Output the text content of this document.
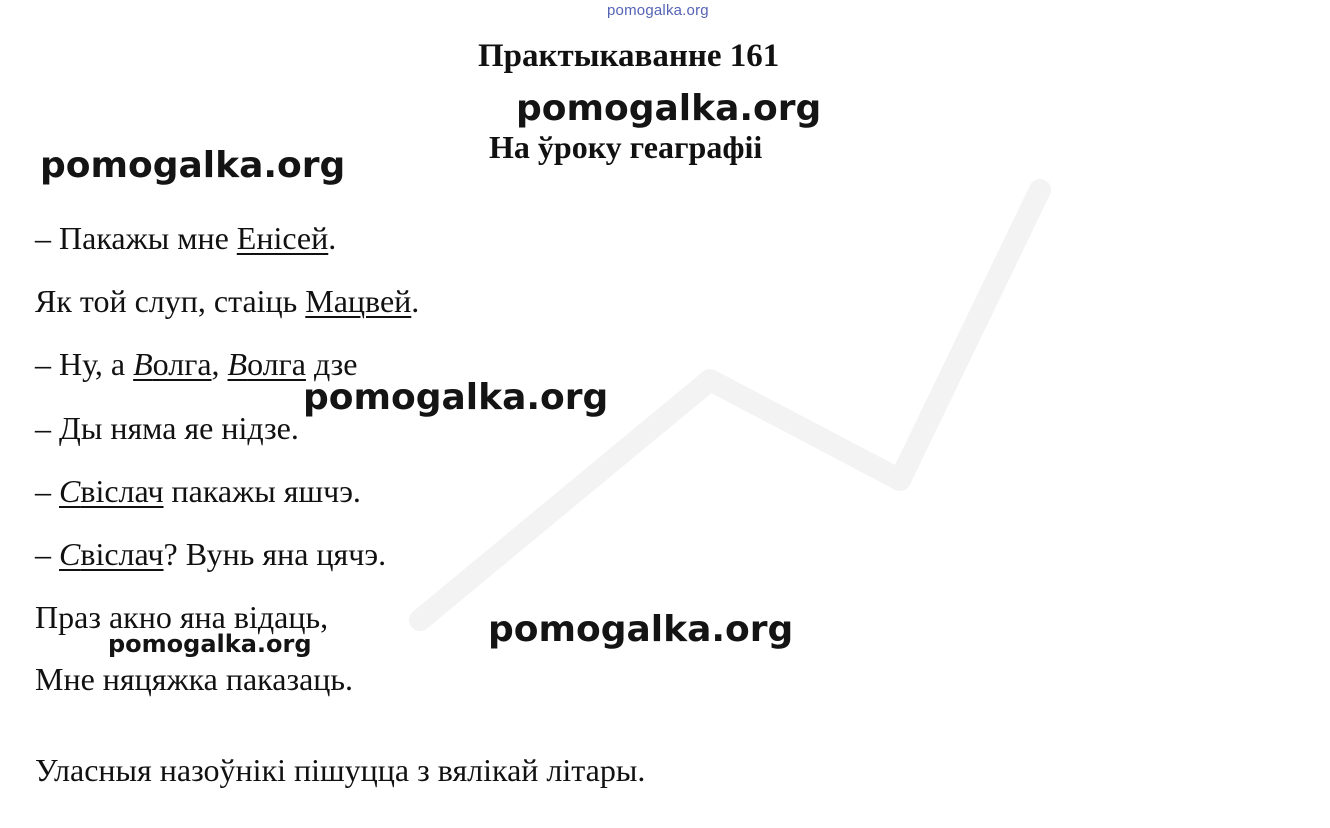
pomogalka.org
Практыкаванне 161
На ўроку геаграфіі
– Пакажы мне Енісей.
Як той слуп, стаіць Мацвей.
– Ну, а Волга, Волга дзе
– Ды няма яе нідзе.
– Свіслач пакажы яшчэ.
– Свіслач? Вунь яна цячэ.
Праз акно яна відаць,
Мне няцяжка паказаць.
Уласныя назоўнікі пішуцца з вялікай літары.
pomogalka.org
pomogalka.org
pomogalka.org
pomogalka.org
pomogalka.org
